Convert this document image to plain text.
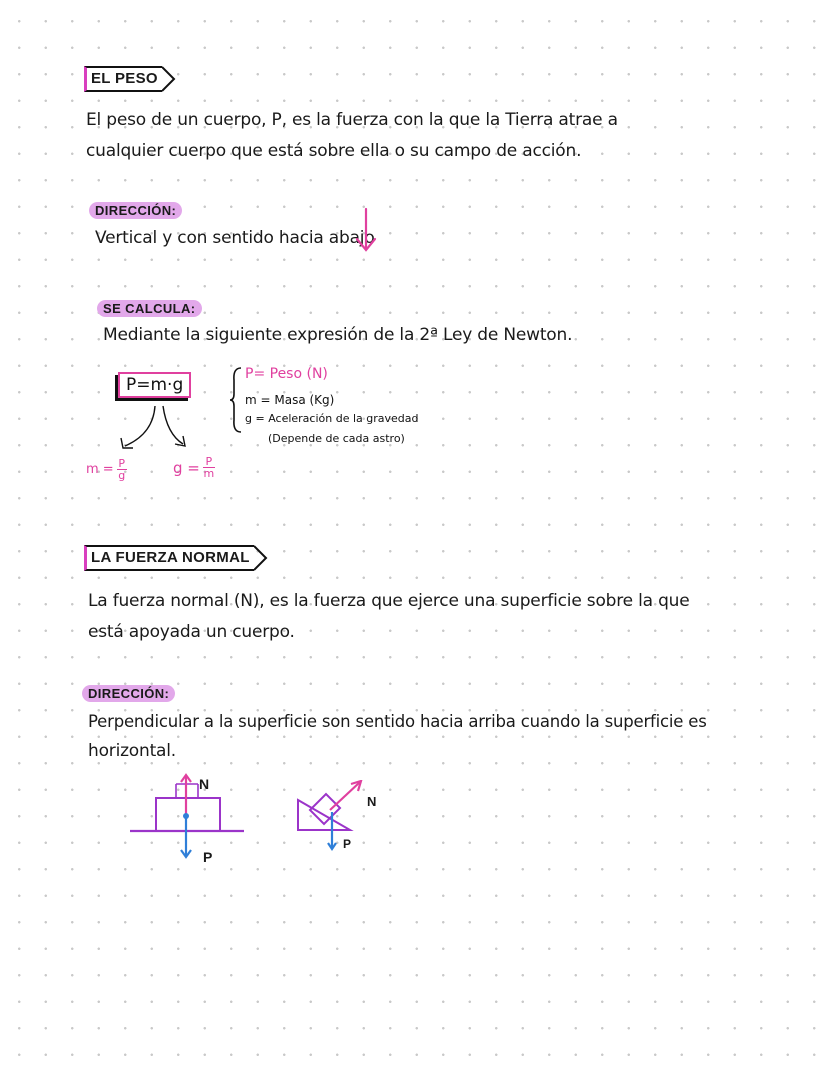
EL PESO
El peso de un cuerpo, P, es la fuerza con la que la Tierra atrae a
cualquier cuerpo que está sobre ella o su campo de acción.
DIRECCIÓN:
Vertical y con sentido hacia abajo
SE CALCULA:
Mediante la siguiente expresión de la 2ª Ley de Newton.
P=m·g
P= Peso (N)
m = Masa (Kg)
g = Aceleración de la gravedad
(Depende de cada astro)
m = P
g	g = P
m
LA FUERZA NORMAL
La fuerza normal (N), es la fuerza que ejerce una superficie sobre la que
está apoyada un cuerpo.
DIRECCIÓN:
Perpendicular a la superficie son sentido hacia arriba cuando la superficie es
horizontal.
N
P
N
P
